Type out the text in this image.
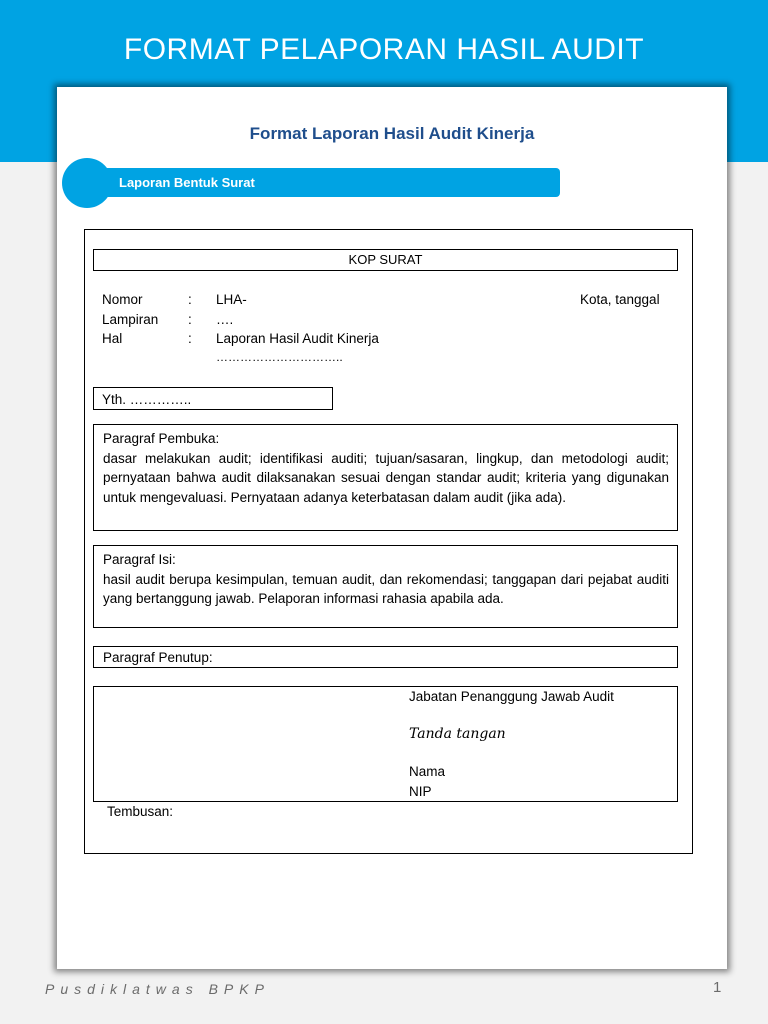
FORMAT PELAPORAN HASIL AUDIT
Format Laporan Hasil Audit Kinerja
Laporan Bentuk Surat
KOP SURAT
Nomor	: LHA-
Lampiran : ….
Hal	: Laporan Hasil Audit Kinerja
…………………………..
Kota, tanggal
Yth. …………..
Paragraf Pembuka:
dasar melakukan audit; identifikasi auditi; tujuan/sasaran, lingkup, dan metodologi audit; pernyataan bahwa audit dilaksanakan sesuai dengan standar audit; kriteria yang digunakan untuk mengevaluasi. Pernyataan adanya keterbatasan dalam audit (jika ada).
Paragraf Isi:
hasil audit berupa kesimpulan, temuan audit, dan rekomendasi; tanggapan dari pejabat auditi yang bertanggung jawab. Pelaporan informasi rahasia apabila ada.
Paragraf Penutup:
Jabatan Penanggung Jawab Audit
Tanda tangan
Nama
NIP
Tembusan:
Pusdiklatwas BPKP	1
